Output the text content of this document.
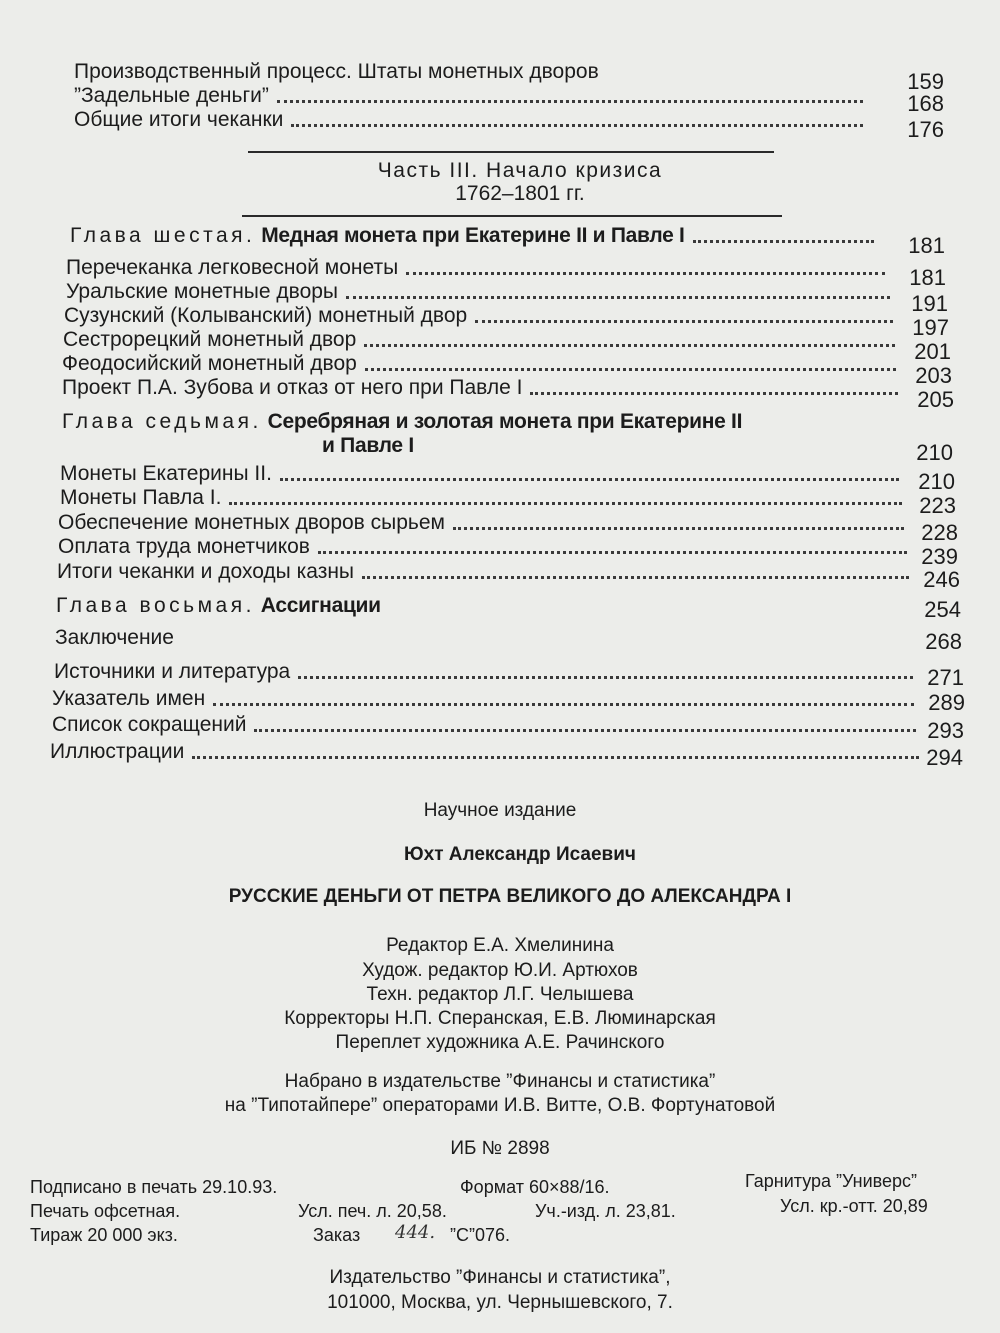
Производственный процесс. Штаты монетных дворов	159
”Задельные деньги”	168
Общие итоги чеканки	176
Часть III. Начало кризиса
1762–1801 гг.
Глава шестая. Медная монета при Екатерине II и Павле I	181
Перечеканка легковесной монеты	181
Уральские монетные дворы	191
Сузунский (Колыванский) монетный двор	197
Сестрорецкий монетный двор	201
Феодосийский монетный двор	203
Проект П.А. Зубова и отказ от него при Павле I	205
Глава седьмая. Серебряная и золотая монета при Екатерине II
и Павле I	210
Монеты Екатерины II.	210
Монеты Павла I.	223
Обеспечение монетных дворов сырьем	228
Оплата труда монетчиков	239
Итоги чеканки и доходы казны	246
Глава восьмая. Ассигнации	254
Заключение	268
Источники и литература	271
Указатель имен	289
Список сокращений	293
Иллюстрации	294
Научное издание
Юхт Александр Исаевич
РУССКИЕ ДЕНЬГИ ОТ ПЕТРА ВЕЛИКОГО ДО АЛЕКСАНДРА I
Редактор Е.А. Хмелинина
Худож. редактор Ю.И. Артюхов
Техн. редактор Л.Г. Челышева
Корректоры Н.П. Сперанская, Е.В. Люминарская
Переплет художника А.Е. Рачинского
Набрано в издательстве ”Финансы и статистика”
на ”Типотайпере” операторами И.В. Витте, О.В. Фортунатовой
ИБ № 2898
Подписано в печать 29.10.93.	Формат 60×88/16.	Гарнитура ”Универс”
Печать офсетная.	Усл. печ. л. 20,58.	Уч.-изд. л. 23,81.	Усл. кр.-отт. 20,89
Тираж 20 000 экз.	Заказ 444. ”С”076.
Издательство ”Финансы и статистика”,
101000, Москва, ул. Чернышевского, 7.
